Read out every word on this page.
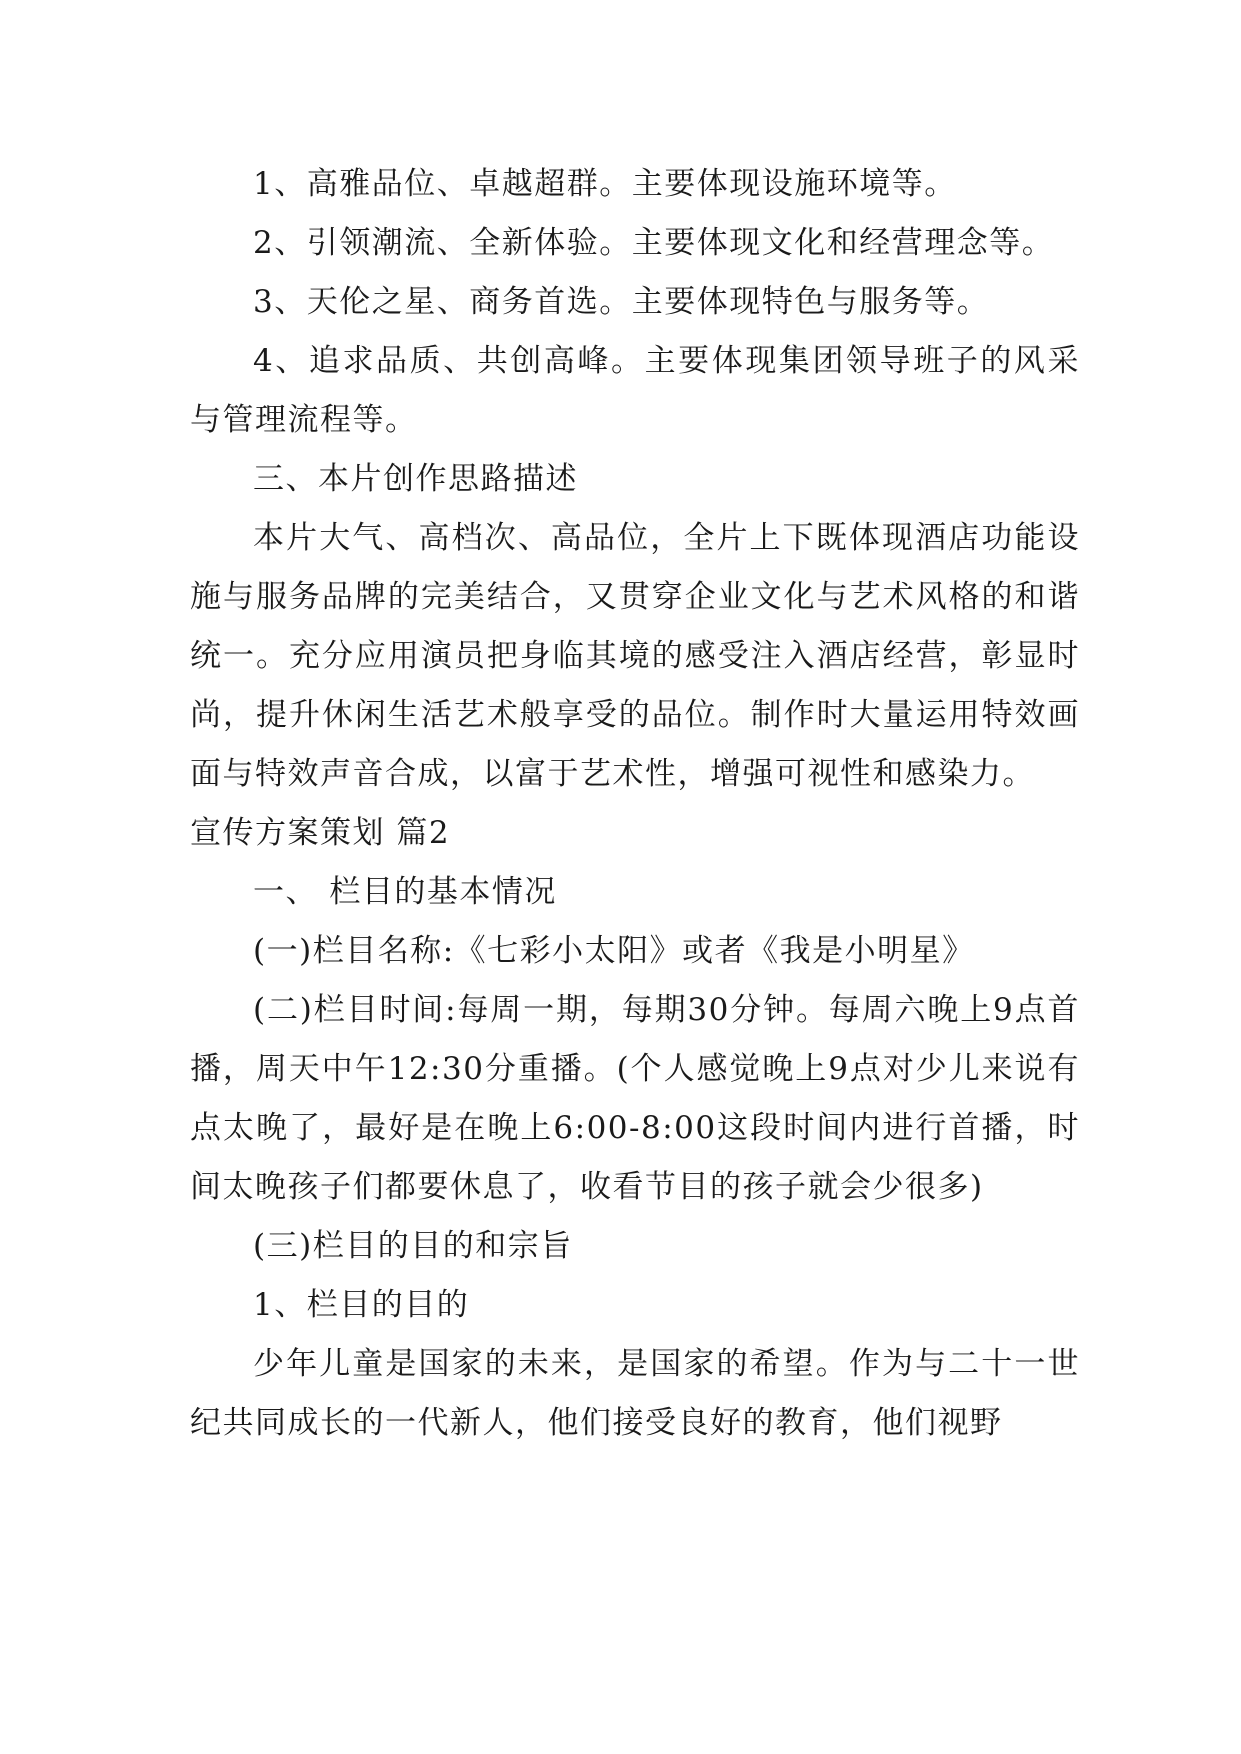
1、高雅品位、卓越超群。主要体现设施环境等。

2、引领潮流、全新体验。主要体现文化和经营理念等。

3、天伦之星、商务首选。主要体现特色与服务等。

4、追求品质、共创高峰。主要体现集团领导班子的风采与管理流程等。

三、本片创作思路描述

本片大气、高档次、高品位，全片上下既体现酒店功能设施与服务品牌的完美结合，又贯穿企业文化与艺术风格的和谐统一。充分应用演员把身临其境的感受注入酒店经营，彰显时尚，提升休闲生活艺术般享受的品位。制作时大量运用特效画面与特效声音合成，以富于艺术性，增强可视性和感染力。

宣传方案策划 篇2

一、 栏目的基本情况

(一)栏目名称:《七彩小太阳》或者《我是小明星》

(二)栏目时间:每周一期，每期30分钟。每周六晚上9点首播，周天中午12:30分重播。(个人感觉晚上9点对少儿来说有点太晚了，最好是在晚上6:00-8:00这段时间内进行首播，时间太晚孩子们都要休息了，收看节目的孩子就会少很多)

(三)栏目的目的和宗旨

1、栏目的目的

少年儿童是国家的未来，是国家的希望。作为与二十一世纪共同成长的一代新人，他们接受良好的教育，他们视野
